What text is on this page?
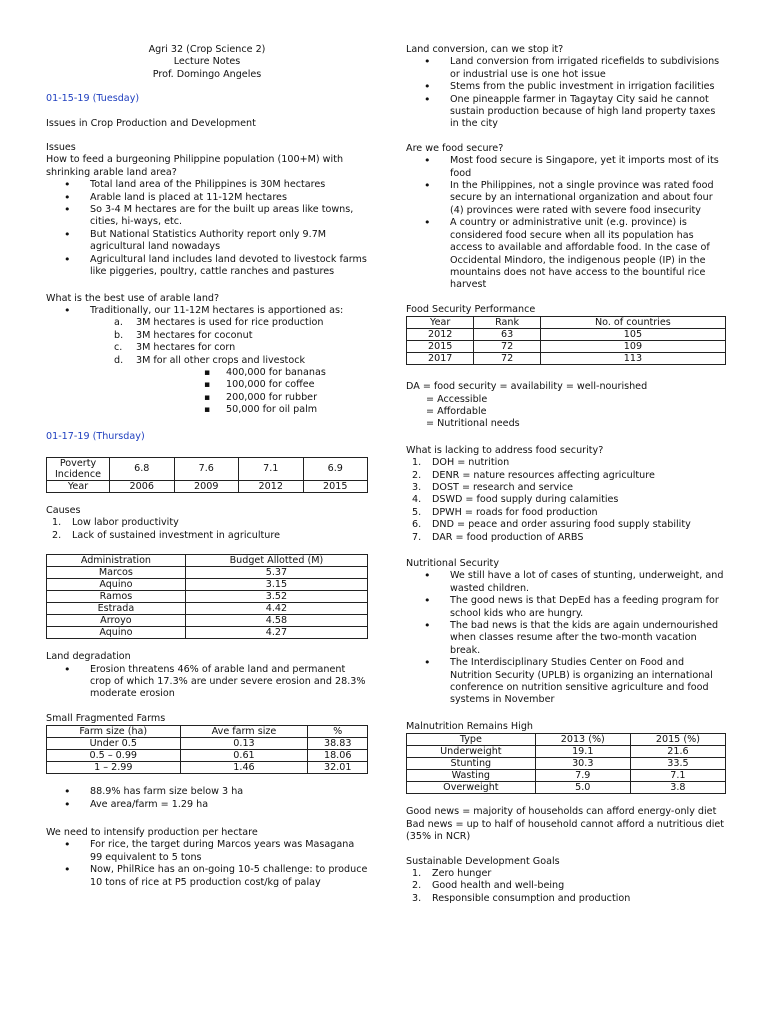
Agri 32 (Crop Science 2)

Lecture Notes

Prof. Domingo Angeles

01-15-19 (Tuesday)

Issues in Crop Production and Development

Issues

How to feed a burgeoning Philippine population (100+M) with shrinking arable land area?

• Total land area of the Philippines is 30M hectares
• Arable land is placed at 11-12M hectares
• So 3-4 M hectares are for the built up areas like towns, cities, hi-ways, etc.
• But National Statistics Authority report only 9.7M agricultural land nowadays
• Agricultural land includes land devoted to livestock farms like piggeries, poultry, cattle ranches and pastures

What is the best use of arable land?

• Traditionally, our 11-12M hectares is apportioned as:
a. 3M hectares is used for rice production
b. 3M hectares for coconut
c. 3M hectares for corn
d. 3M for all other crops and livestock
▪ 400,000 for bananas
▪ 100,000 for coffee
▪ 200,000 for rubber
▪ 50,000 for oil palm

01-17-19 (Thursday)

Poverty Incidence	6.8	7.6	7.1	6.9
Year	2006	2009	2012	2015

Causes

1. Low labor productivity
2. Lack of sustained investment in agriculture
Administration	Budget Allotted (M)
Marcos	5.37
Aquino	3.15
Ramos	3.52
Estrada	4.42
Arroyo	4.58
Aquino	4.27

Land degradation

• Erosion threatens 46% of arable land and permanent crop of which 17.3% are under severe erosion and 28.3% moderate erosion

Small Fragmented Farms

Farm size (ha)	Ave farm size	%
Under 0.5	0.13	38.83
0.5 – 0.99	0.61	18.06
1 – 2.99	1.46	32.01
• 88.9% has farm size below 3 ha
• Ave area/farm = 1.29 ha

We need to intensify production per hectare

• For rice, the target during Marcos years was Masagana 99 equivalent to 5 tons
• Now, PhilRice has an on-going 10-5 challenge: to produce 10 tons of rice at P5 production cost/kg of palay

Land conversion, can we stop it?

• Land conversion from irrigated ricefields to subdivisions or industrial use is one hot issue
• Stems from the public investment in irrigation facilities
• One pineapple farmer in Tagaytay City said he cannot sustain production because of high land property taxes in the city

Are we food secure?

• Most food secure is Singapore, yet it imports most of its food
• In the Philippines, not a single province was rated food secure by an international organization and about four (4) provinces were rated with severe food insecurity
• A country or administrative unit (e.g. province) is considered food secure when all its population has access to available and affordable food. In the case of Occidental Mindoro, the indigenous people (IP) in the mountains does not have access to the bountiful rice harvest

Food Security Performance

Year	Rank	No. of countries
2012	63	105
2015	72	109
2017	72	113

DA = food security = availability = well-nourished

= Accessible

= Affordable

= Nutritional needs

What is lacking to address food security?

1. DOH = nutrition
2. DENR = nature resources affecting agriculture
3. DOST = research and service
4. DSWD = food supply during calamities
5. DPWH = roads for food production
6. DND = peace and order assuring food supply stability
7. DAR = food production of ARBS

Nutritional Security

• We still have a lot of cases of stunting, underweight, and wasted children.
• The good news is that DepEd has a feeding program for school kids who are hungry.
• The bad news is that the kids are again undernourished when classes resume after the two-month vacation break.
• The Interdisciplinary Studies Center on Food and Nutrition Security (UPLB) is organizing an international conference on nutrition sensitive agriculture and food systems in November

Malnutrition Remains High

Type	2013 (%)	2015 (%)
Underweight	19.1	21.6
Stunting	30.3	33.5
Wasting	7.9	7.1
Overweight	5.0	3.8

Good news = majority of households can afford energy-only diet

Bad news = up to half of household cannot afford a nutritious diet (35% in NCR)

Sustainable Development Goals

1. Zero hunger
2. Good health and well-being
3. Responsible consumption and production
